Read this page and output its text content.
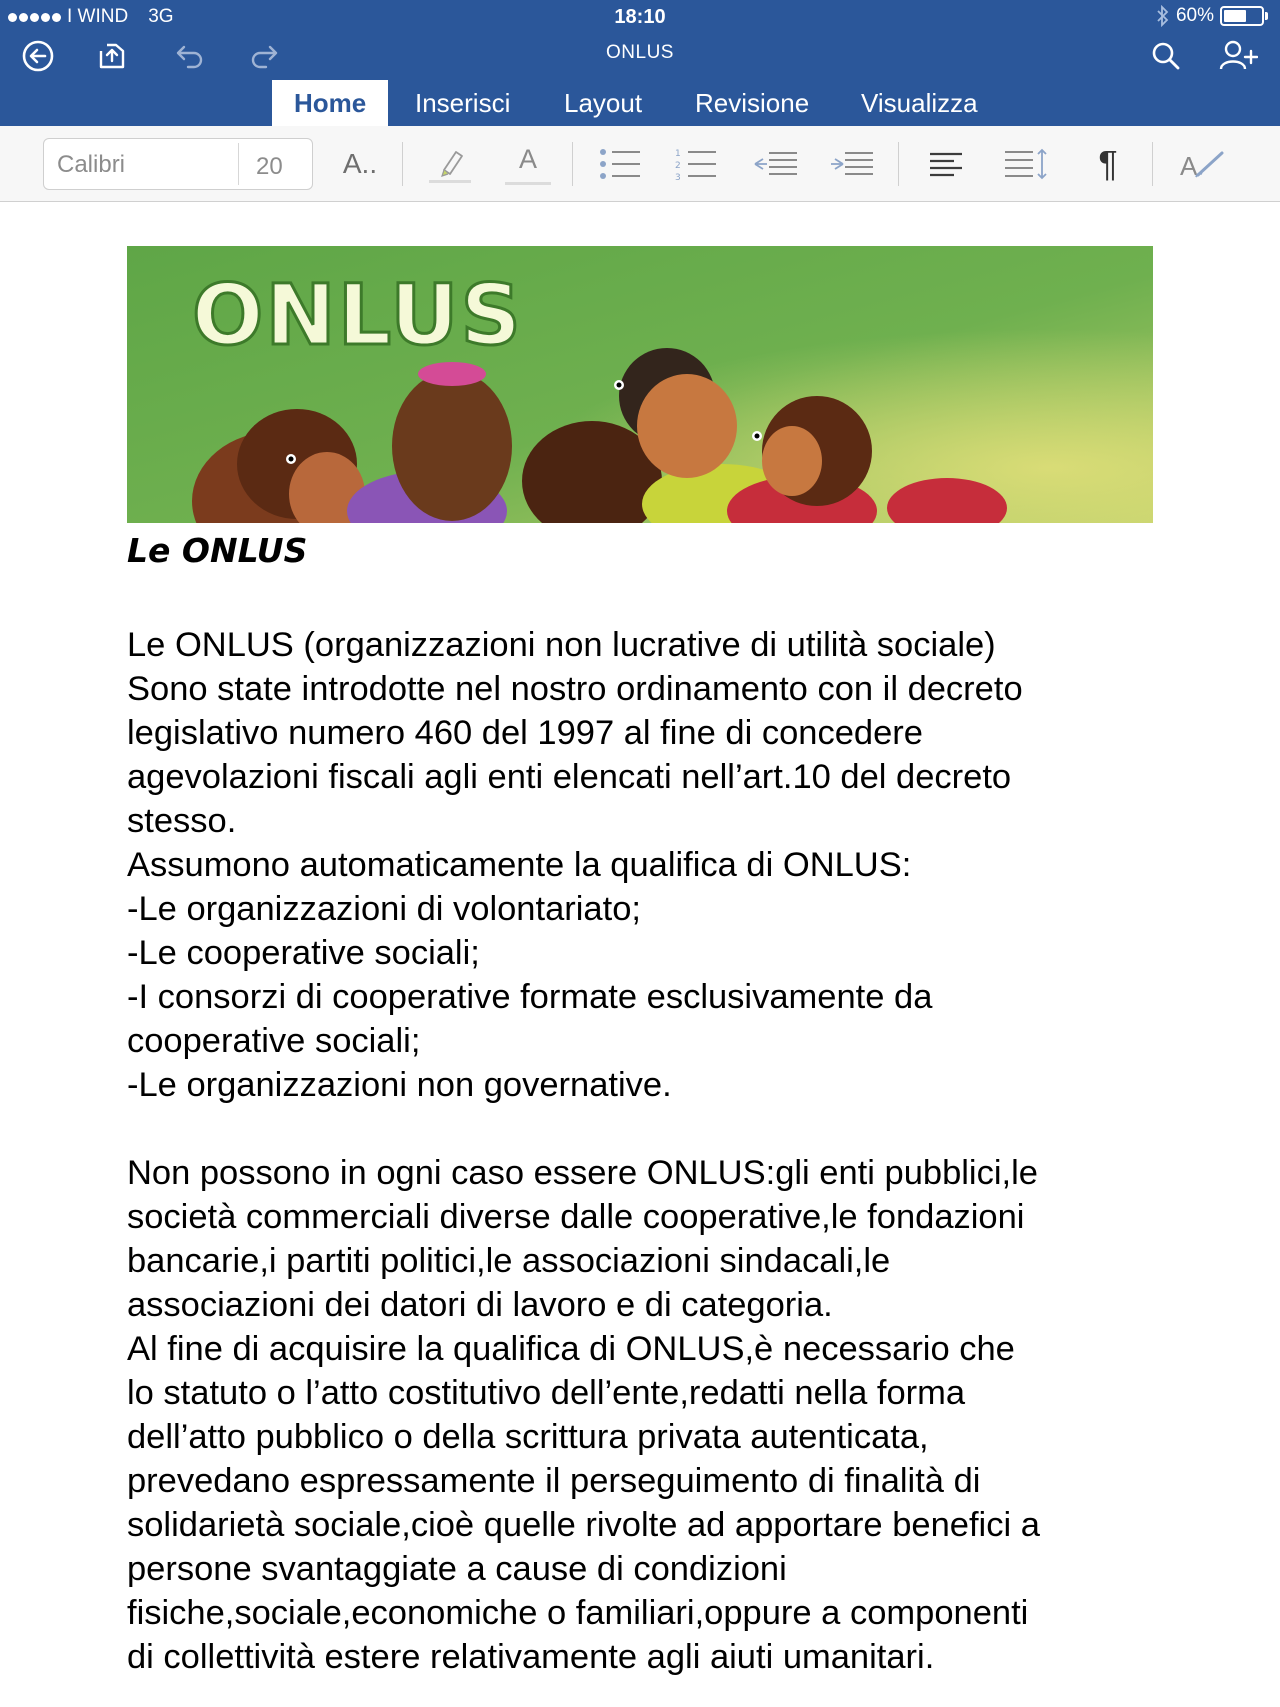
I WIND 3G	18:10	60%
ONLUS
Home	Inserisci	Layout	Revisione	Visualizza
Calibri	20 A..	A	1
2
3	¶	A
ONLUS
Le ONLUS

Le ONLUS (organizzazioni non lucrative di utilità sociale)

Sono state introdotte nel nostro ordinamento con il decreto

legislativo numero 460 del 1997 al fine di concedere

agevolazioni fiscali agli enti elencati nell’art.10 del decreto

stesso.

Assumono automaticamente la qualifica di ONLUS:

-Le organizzazioni di volontariato;

-Le cooperative sociali;

-I consorzi di cooperative formate esclusivamente da

cooperative sociali;

-Le organizzazioni non governative.

Non possono in ogni caso essere ONLUS:gli enti pubblici,le

società commerciali diverse dalle cooperative,le fondazioni

bancarie,i partiti politici,le associazioni sindacali,le

associazioni dei datori di lavoro e di categoria.

Al fine di acquisire la qualifica di ONLUS,è necessario che

lo statuto o l’atto costitutivo dell’ente,redatti nella forma

dell’atto pubblico o della scrittura privata autenticata,

prevedano espressamente il perseguimento di finalità di

solidarietà sociale,cioè quelle rivolte ad apportare benefici a

persone svantaggiate a cause di condizioni

fisiche,sociale,economiche o familiari,oppure a componenti

di collettività estere relativamente agli aiuti umanitari.
